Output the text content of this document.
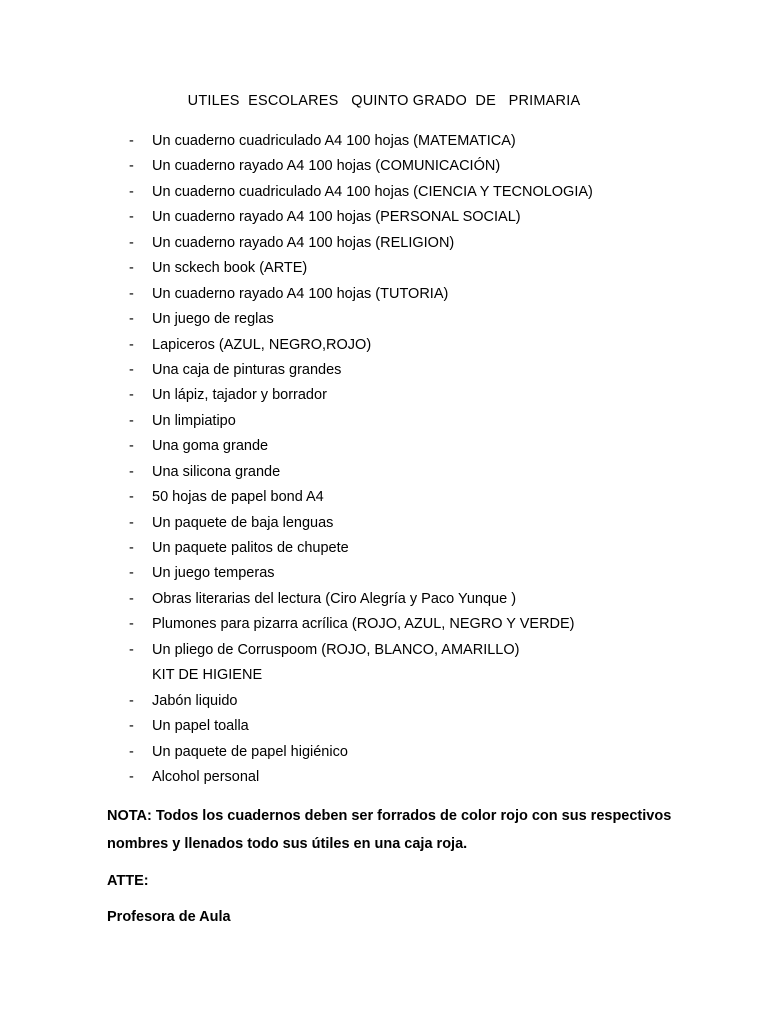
UTILES  ESCOLARES   QUINTO GRADO  DE   PRIMARIA
- Un cuaderno cuadriculado A4 100 hojas (MATEMATICA)
- Un cuaderno rayado A4 100 hojas (COMUNICACIÓN)
- Un cuaderno cuadriculado A4 100 hojas (CIENCIA Y TECNOLOGIA)
- Un cuaderno rayado A4 100 hojas (PERSONAL SOCIAL)
- Un cuaderno rayado A4 100 hojas (RELIGION)
- Un sckech book (ARTE)
- Un cuaderno rayado A4 100 hojas (TUTORIA)
- Un juego de reglas
- Lapiceros (AZUL, NEGRO,ROJO)
- Una caja de pinturas grandes
- Un lápiz, tajador y borrador
- Un limpiatipo
- Una goma grande
- Una silicona grande
- 50 hojas de papel bond A4
- Un paquete de baja lenguas
- Un paquete palitos de chupete
- Un juego temperas
- Obras literarias del lectura (Ciro Alegría y Paco Yunque )
- Plumones para pizarra acrílica (ROJO, AZUL, NEGRO Y VERDE)
- Un pliego de Corruspoom (ROJO, BLANCO, AMARILLO)
KIT DE HIGIENE
- Jabón liquido
- Un papel toalla
- Un paquete de papel higiénico
- Alcohol personal

NOTA: Todos los cuadernos deben ser forrados de color rojo con sus respectivos nombres y llenados todo sus útiles en una caja roja.

ATTE:

Profesora de Aula
